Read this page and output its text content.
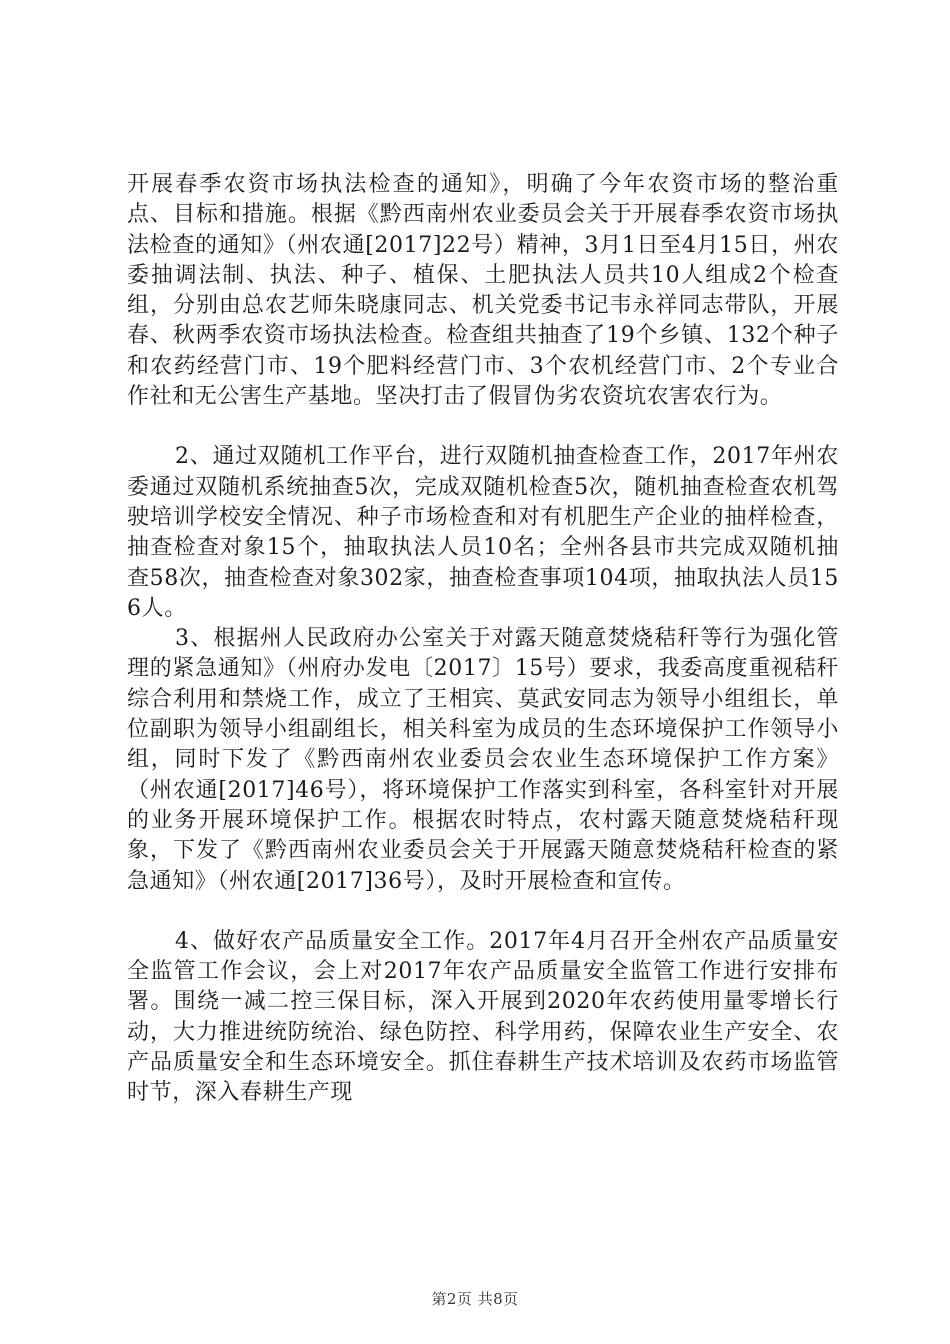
开展春季农资市场执法检查的通知》，明确了今年农资市场的整治重点、目标和措施。根据《黔西南州农业委员会关于开展春季农资市场执法检查的通知》（州农通[2017]22号）精神，3月1日至4月15日，州农委抽调法制、执法、种子、植保、土肥执法人员共10人组成2个检查组，分别由总农艺师朱晓康同志、机关党委书记韦永祥同志带队，开展春、秋两季农资市场执法检查。检查组共抽查了19个乡镇、132个种子和农药经营门市、19个肥料经营门市、3个农机经营门市、2个专业合作社和无公害生产基地。坚决打击了假冒伪劣农资坑农害农行为。

2、通过双随机工作平台，进行双随机抽查检查工作，2017年州农委通过双随机系统抽查5次，完成双随机检查5次，随机抽查检查农机驾驶培训学校安全情况、种子市场检查和对有机肥生产企业的抽样检查，抽查检查对象15个，抽取执法人员10名；全州各县市共完成双随机抽查58次，抽查检查对象302家，抽查检查事项104项，抽取执法人员156人。

3、根据州人民政府办公室关于对露天随意焚烧秸秆等行为强化管理的紧急通知》（州府办发电〔2017〕15号）要求，我委高度重视秸秆综合利用和禁烧工作，成立了王相宾、莫武安同志为领导小组组长，单位副职为领导小组副组长，相关科室为成员的生态环境保护工作领导小组，同时下发了《黔西南州农业委员会农业生态环境保护工作方案》（州农通[2017]46号），将环境保护工作落实到科室，各科室针对开展的业务开展环境保护工作。根据农时特点，农村露天随意焚烧秸秆现象，下发了《黔西南州农业委员会关于开展露天随意焚烧秸秆检查的紧急通知》（州农通[2017]36号），及时开展检查和宣传。

4、做好农产品质量安全工作。2017年4月召开全州农产品质量安全监管工作会议，会上对2017年农产品质量安全监管工作进行安排布署。围绕一减二控三保目标，深入开展到2020年农药使用量零增长行动，大力推进统防统治、绿色防控、科学用药，保障农业生产安全、农产品质量安全和生态环境安全。抓住春耕生产技术培训及农药市场监管时节，深入春耕生产现

第2页 共8页
